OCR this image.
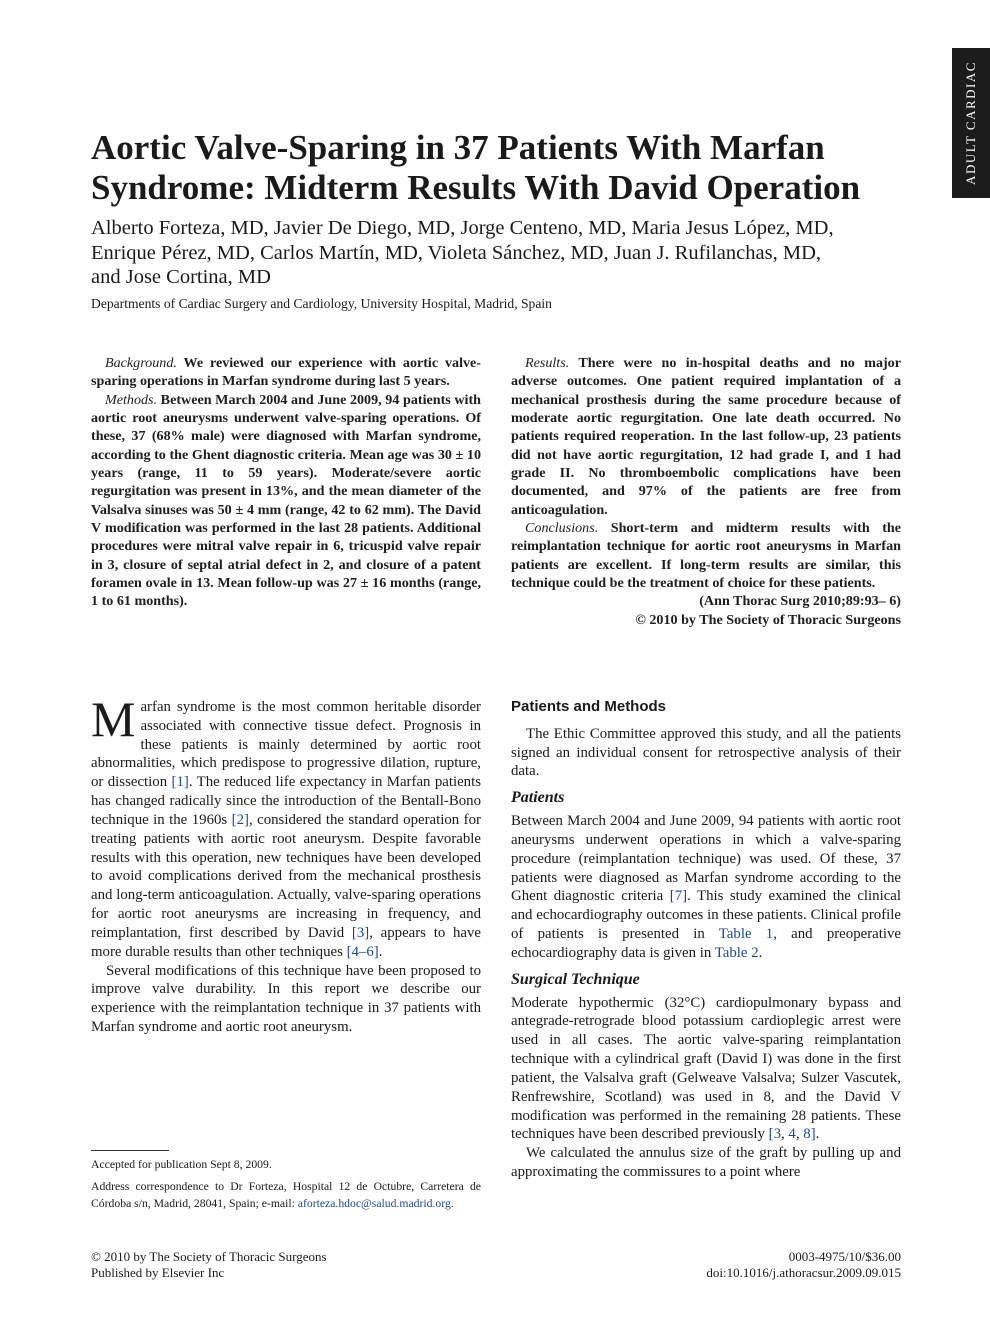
ADULT CARDIAC
Aortic Valve-Sparing in 37 Patients With Marfan
Syndrome: Midterm Results With David Operation
Alberto Forteza, MD, Javier De Diego, MD, Jorge Centeno, MD, Maria Jesus López, MD,
Enrique Pérez, MD, Carlos Martín, MD, Violeta Sánchez, MD, Juan J. Rufilanchas, MD,
and Jose Cortina, MD
Departments of Cardiac Surgery and Cardiology, University Hospital, Madrid, Spain

Background. We reviewed our experience with aortic valve-sparing operations in Marfan syndrome during last 5 years.

Methods. Between March 2004 and June 2009, 94 patients with aortic root aneurysms underwent valve-sparing operations. Of these, 37 (68% male) were diagnosed with Marfan syndrome, according to the Ghent diagnostic criteria. Mean age was 30 ± 10 years (range, 11 to 59 years). Moderate/severe aortic regurgitation was present in 13%, and the mean diameter of the Valsalva sinuses was 50 ± 4 mm (range, 42 to 62 mm). The David V modification was performed in the last 28 patients. Additional procedures were mitral valve repair in 6, tricuspid valve repair in 3, closure of septal atrial defect in 2, and closure of a patent foramen ovale in 13. Mean follow-up was 27 ± 16 months (range, 1 to 61 months).

Results. There were no in-hospital deaths and no major adverse outcomes. One patient required implantation of a mechanical prosthesis during the same procedure because of moderate aortic regurgitation. One late death occurred. No patients required reoperation. In the last follow-up, 23 patients did not have aortic regurgitation, 12 had grade I, and 1 had grade II. No thromboembolic complications have been documented, and 97% of the patients are free from anticoagulation.

Conclusions. Short-term and midterm results with the reimplantation technique for aortic root aneurysms in Marfan patients are excellent. If long-term results are similar, this technique could be the treatment of choice for these patients.

(Ann Thorac Surg 2010;89:93– 6)

© 2010 by The Society of Thoracic Surgeons

Marfan syndrome is the most common heritable disorder associated with connective tissue defect. Prognosis in these patients is mainly determined by aortic root abnormalities, which predispose to progressive dilation, rupture, or dissection [1]. The reduced life expectancy in Marfan patients has changed radically since the introduction of the Bentall-Bono technique in the 1960s [2], considered the standard operation for treating patients with aortic root aneurysm. Despite favorable results with this operation, new techniques have been developed to avoid complications derived from the mechanical prosthesis and long-term anticoagulation. Actually, valve-sparing operations for aortic root aneurysms are increasing in frequency, and reimplantation, first described by David [3], appears to have more durable results than other techniques [4–6].

Several modifications of this technique have been proposed to improve valve durability. In this report we describe our experience with the reimplantation technique in 37 patients with Marfan syndrome and aortic root aneurysm.

Patients and Methods

The Ethic Committee approved this study, and all the patients signed an individual consent for retrospective analysis of their data.

Patients

Between March 2004 and June 2009, 94 patients with aortic root aneurysms underwent operations in which a valve-sparing procedure (reimplantation technique) was used. Of these, 37 patients were diagnosed as Marfan syndrome according to the Ghent diagnostic criteria [7]. This study examined the clinical and echocardiography outcomes in these patients. Clinical profile of patients is presented in Table 1, and preoperative echocardiography data is given in Table 2.

Surgical Technique

Moderate hypothermic (32°C) cardiopulmonary bypass and antegrade-retrograde blood potassium cardioplegic arrest were used in all cases. The aortic valve-sparing reimplantation technique with a cylindrical graft (David I) was done in the first patient, the Valsalva graft (Gelweave Valsalva; Sulzer Vascutek, Renfrewshire, Scotland) was used in 8, and the David V modification was performed in the remaining 28 patients. These techniques have been described previously [3, 4, 8].

We calculated the annulus size of the graft by pulling up and approximating the commissures to a point where

Accepted for publication Sept 8, 2009.

Address correspondence to Dr Forteza, Hospital 12 de Octubre, Carretera de Córdoba s/n, Madrid, 28041, Spain; e-mail: aforteza.hdoc@salud.madrid.org.

© 2010 by The Society of Thoracic Surgeons
Published by Elsevier Inc
0003-4975/10/$36.00
doi:10.1016/j.athoracsur.2009.09.015
